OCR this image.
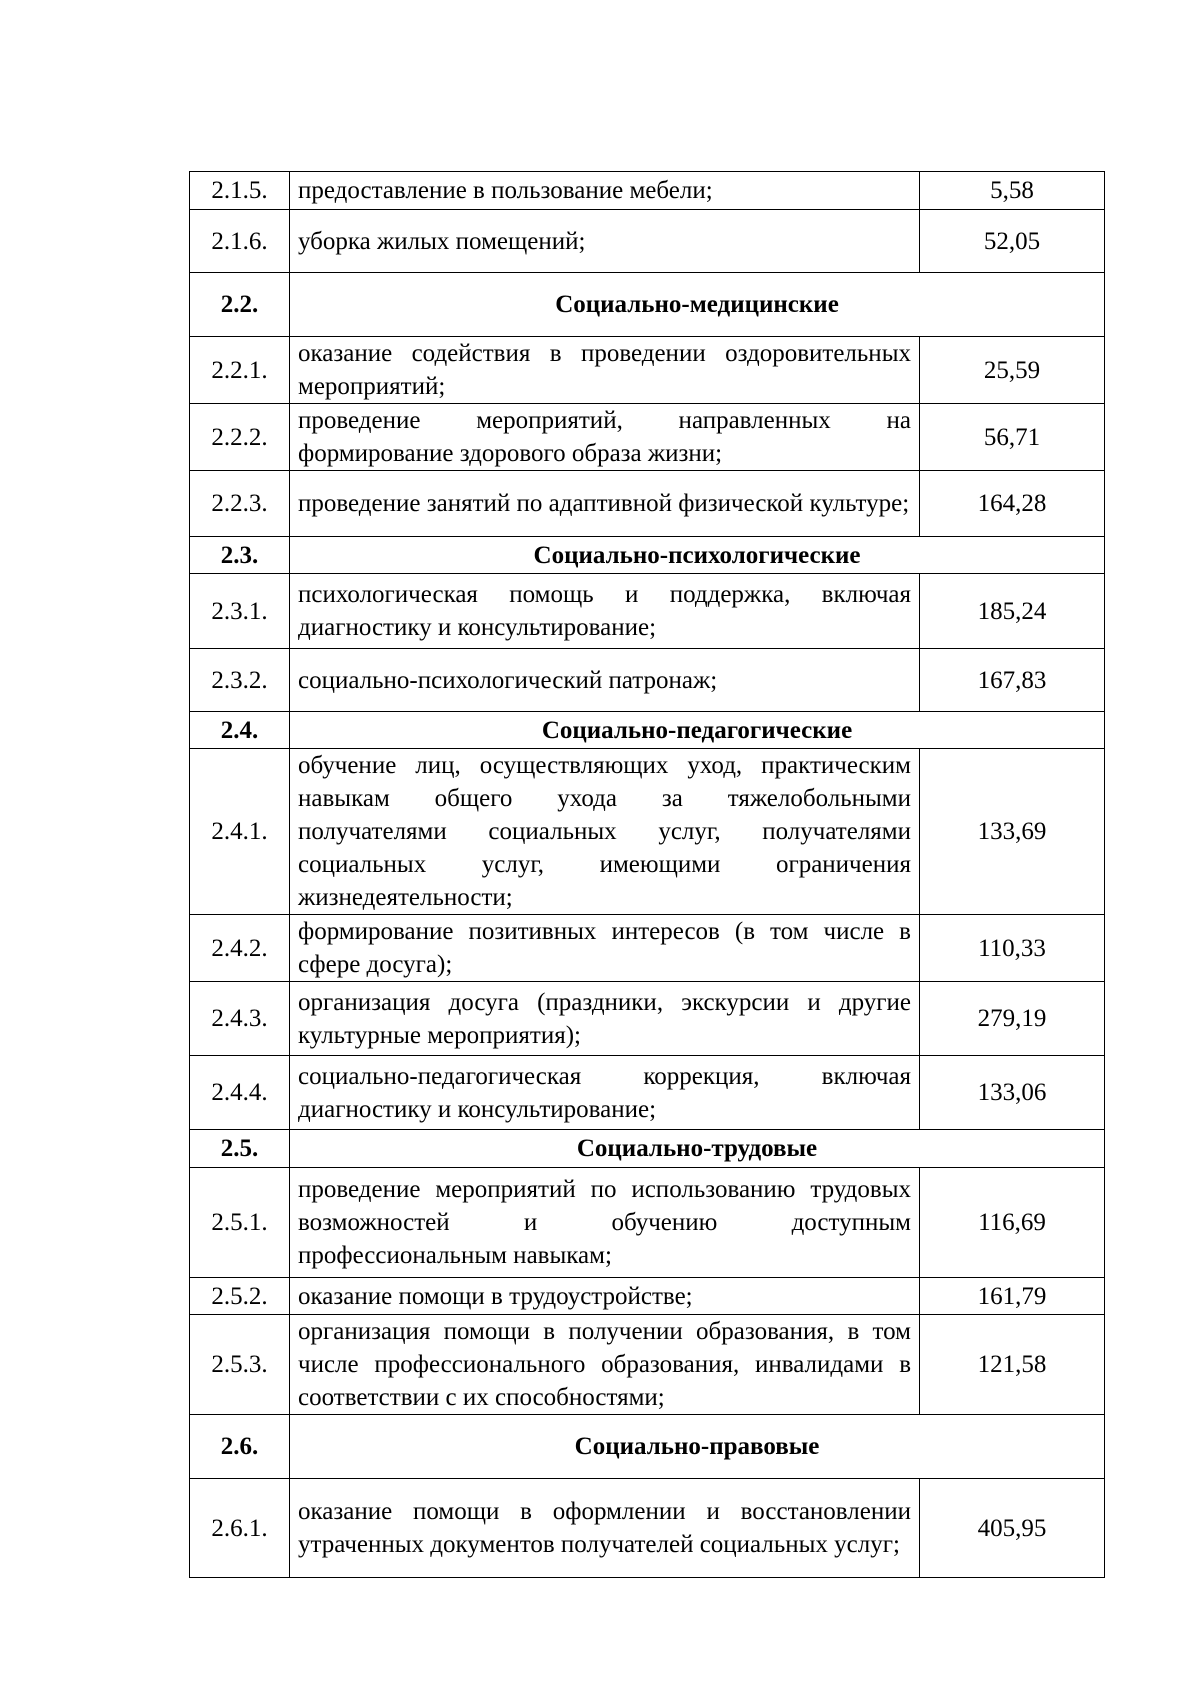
2.1.5.	предоставление в пользование мебели;	5,58
2.1.6.	уборка жилых помещений;	52,05
2.2.	Социально-медицинские	
2.2.1.	оказание содействия в проведении оздоровительных мероприятий;	25,59
2.2.2.	проведение мероприятий, направленных на формирование здорового образа жизни;	56,71
2.2.3.	проведение занятий по адаптивной физической культуре;	164,28
2.3.	Социально-психологические	
2.3.1.	психологическая помощь и поддержка, включая диагностику и консультирование;	185,24
2.3.2.	социально-психологический патронаж;	167,83
2.4.	Социально-педагогические	
2.4.1.	обучение лиц, осуществляющих уход, практическим навыкам общего ухода за тяжелобольными получателями социальных услуг, получателями социальных услуг, имеющими ограничения жизнедеятельности;	133,69
2.4.2.	формирование позитивных интересов (в том числе в сфере досуга);	110,33
2.4.3.	организация досуга (праздники, экскурсии и другие культурные мероприятия);	279,19
2.4.4.	социально-педагогическая коррекция, включая диагностику и консультирование;	133,06
2.5.	Социально-трудовые	
2.5.1.	проведение мероприятий по использованию трудовых возможностей и обучению доступным профессиональным навыкам;	116,69
2.5.2.	оказание помощи в трудоустройстве;	161,79
2.5.3.	организация помощи в получении образования, в том числе профессионального образования, инвалидами в соответствии с их способностями;	121,58
2.6.	Социально-правовые	
2.6.1.	оказание помощи в оформлении и восстановлении утраченных документов получателей социальных услуг;	405,95
